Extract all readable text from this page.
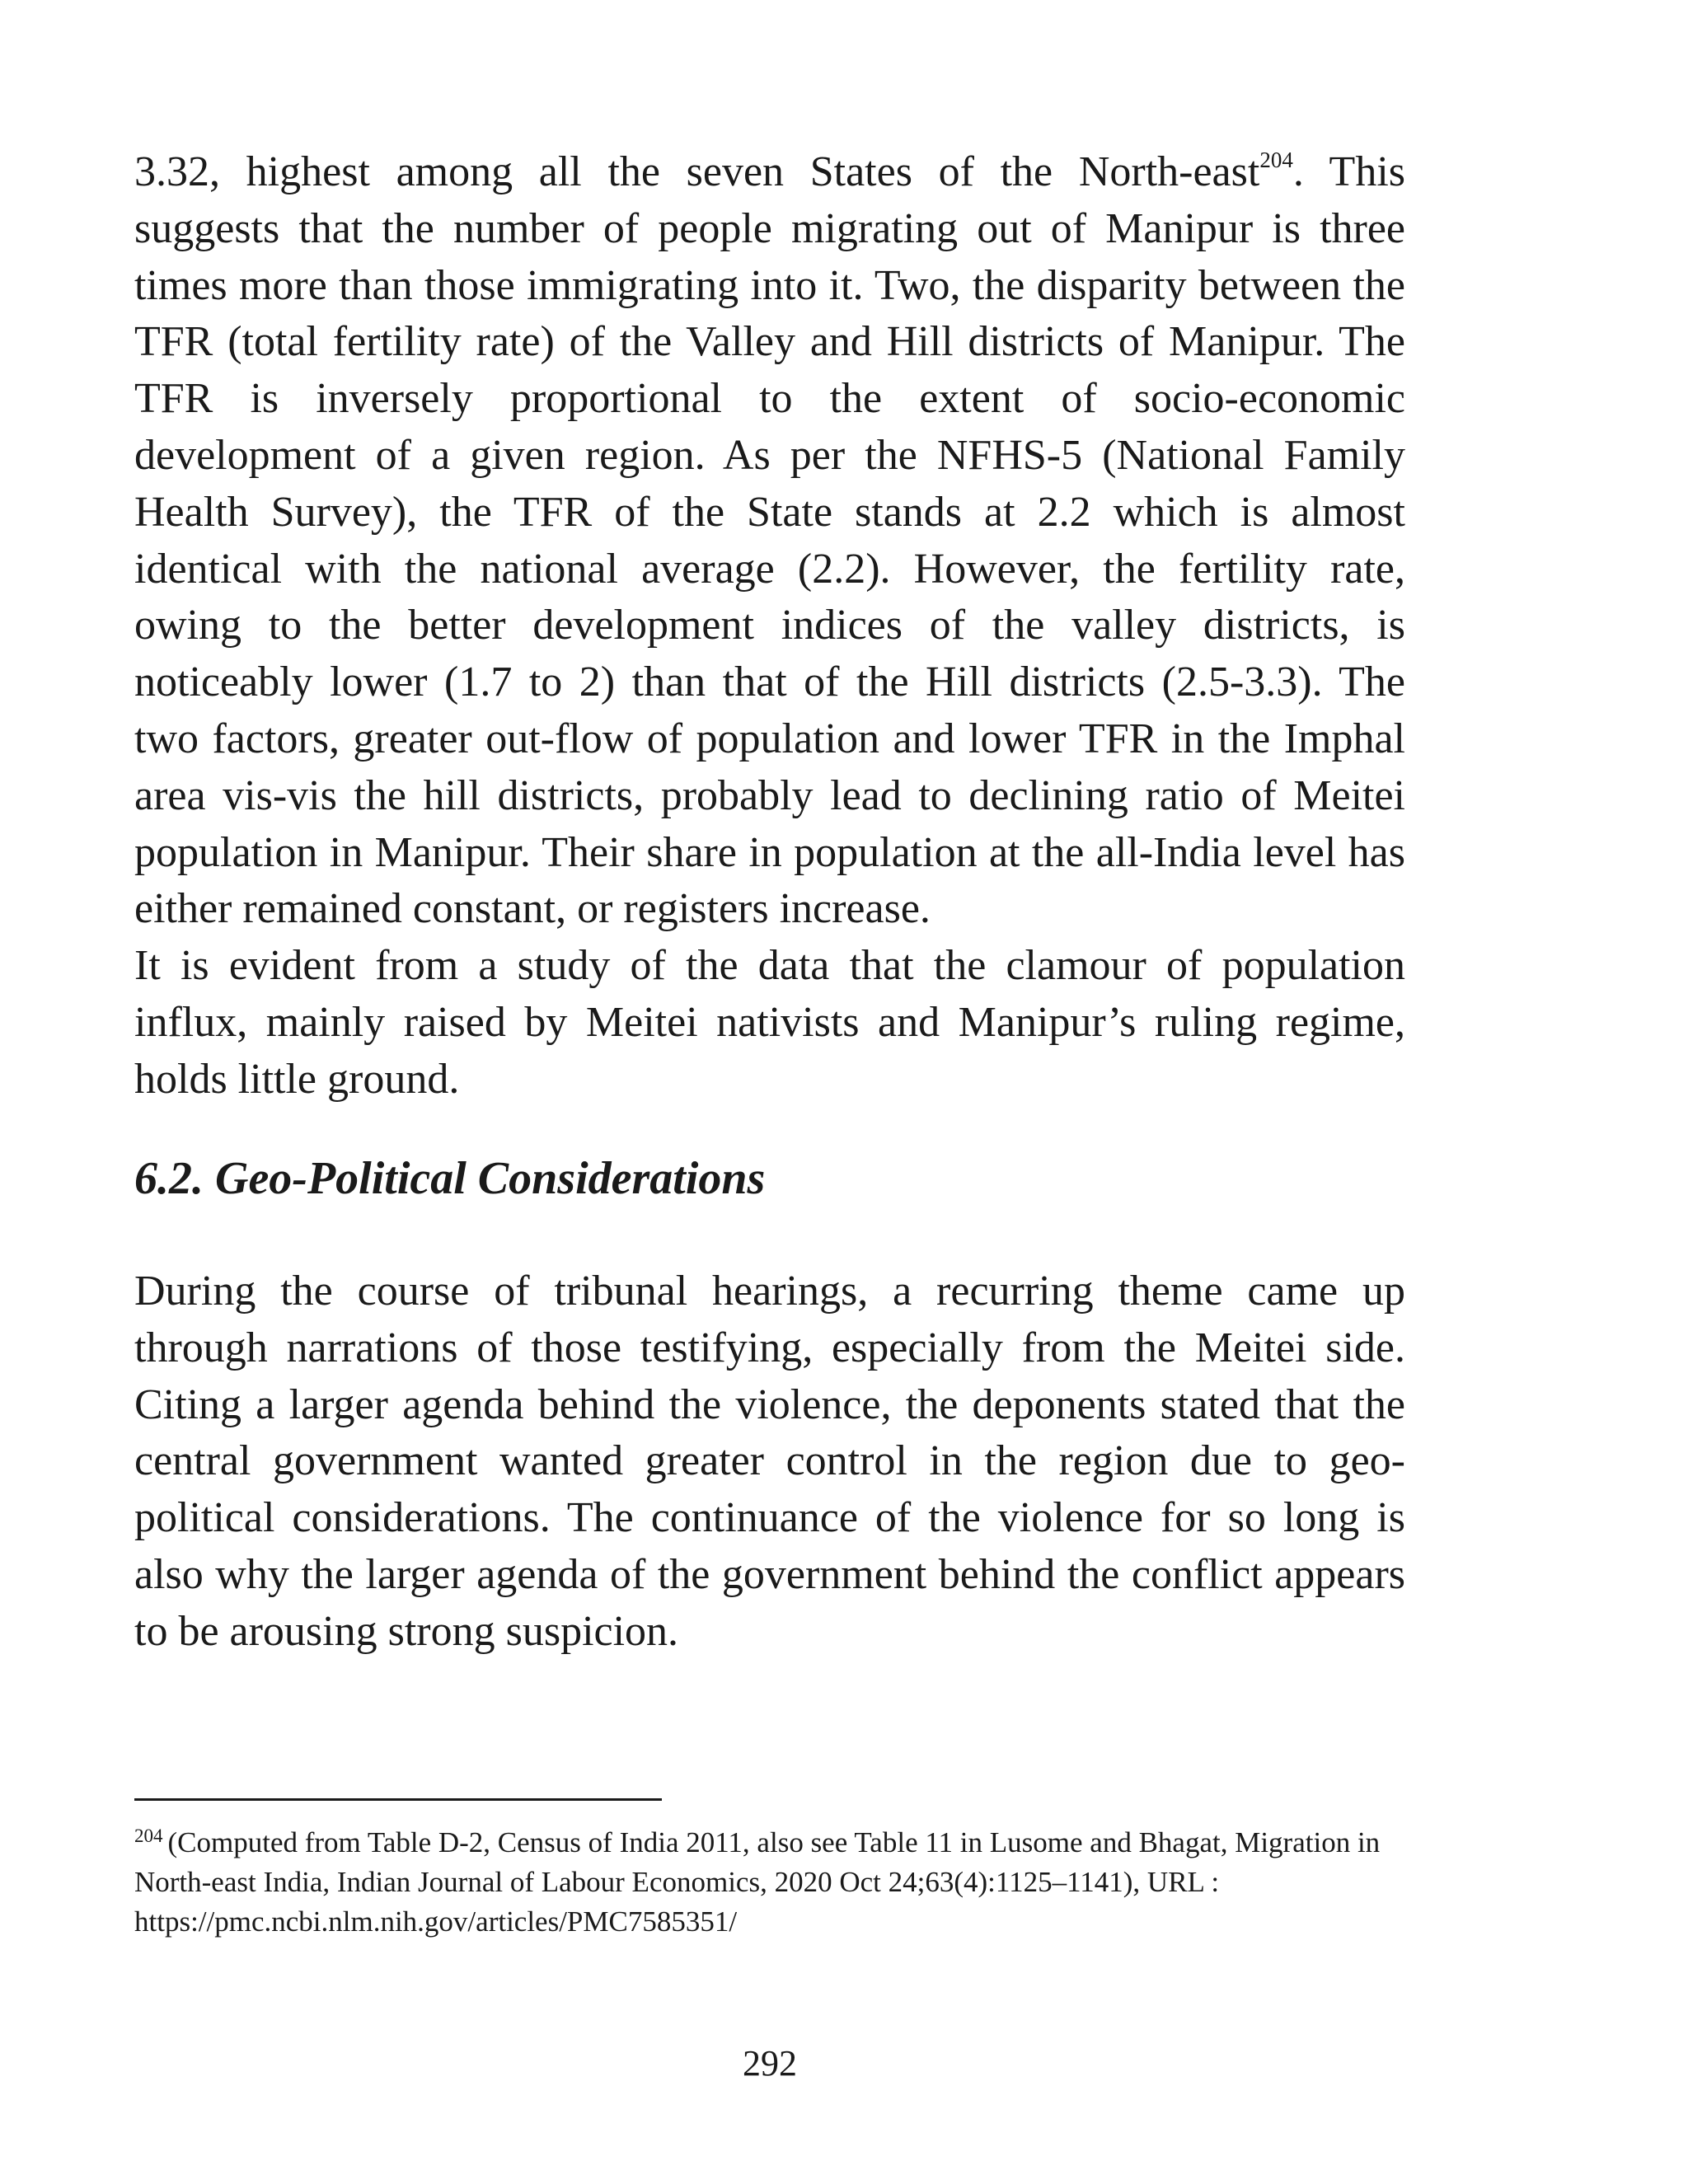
3.32, highest among all the seven States of the North-east$^{204}$. This suggests that the number of people migrating out of Manipur is three times more than those immigrating into it. Two, the disparity between the TFR (total fertility rate) of the Valley and Hill districts of Manipur. The TFR is inversely proportional to the extent of socio-economic development of a given region. As per the NFHS-5 (National Family Health Survey), the TFR of the State stands at 2.2 which is almost identical with the national average (2.2). However, the fertility rate, owing to the better development indices of the valley districts, is noticeably lower (1.7 to 2) than that of the Hill districts (2.5-3.3). The two factors, greater out-flow of population and lower TFR in the Imphal area vis-vis the hill districts, probably lead to declining ratio of Meitei population in Manipur. Their share in population at the all-India level has either remained constant, or registers increase.

It is evident from a study of the data that the clamour of population influx, mainly raised by Meitei nativists and Manipur’s ruling regime, holds little ground.

6.2. Geo-Political Considerations

During the course of tribunal hearings, a recurring theme came up through narrations of those testifying, especially from the Meitei side. Citing a larger agenda behind the violence, the deponents stated that the central government wanted greater control in the region due to geo-political considerations. The continuance of the violence for so long is also why the larger agenda of the government behind the conflict appears to be arousing strong suspicion.

$^{204}$ (Computed from Table D-2, Census of India 2011, also see Table 11 in Lusome and Bhagat, Migration in North-east India, Indian Journal of Labour Economics, 2020 Oct 24;63(4):1125–1141), URL : https://pmc.ncbi.nlm.nih.gov/articles/PMC7585351/

292
